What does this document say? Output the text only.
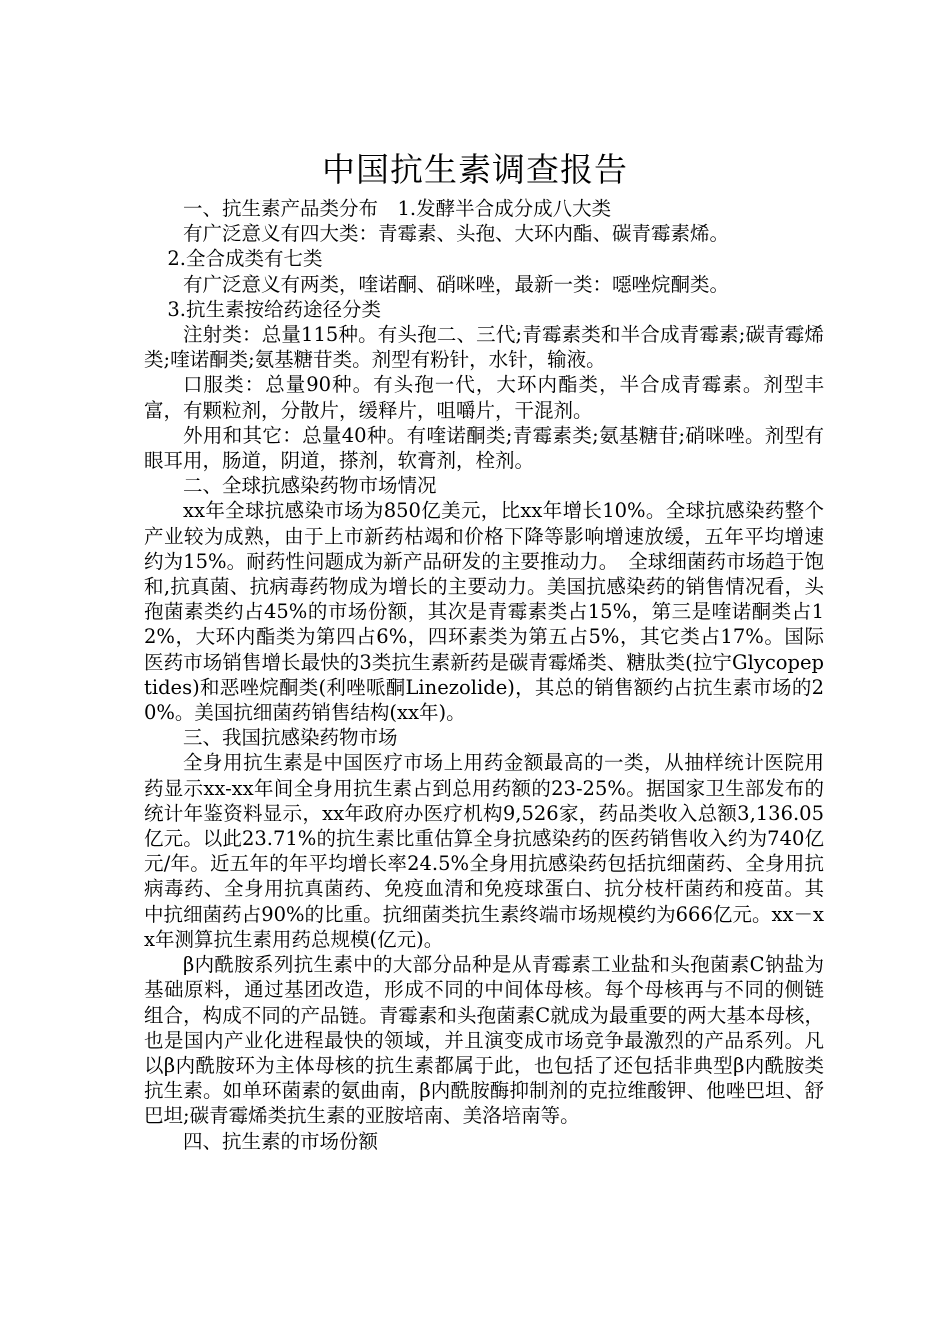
中国抗生素调查报告

一、抗生素产品类分布　1.发酵半合成分成八大类

有广泛意义有四大类：青霉素、头孢、大环内酯、碳青霉素烯。

2.全合成类有七类

有广泛意义有两类，喹诺酮、硝咪唑，最新一类：噁唑烷酮类。

3.抗生素按给药途径分类

注射类：总量115种。有头孢二、三代;青霉素类和半合成青霉素;碳青霉烯类;喹诺酮类;氨基糖苷类。剂型有粉针，水针，输液。

口服类：总量90种。有头孢一代，大环内酯类，半合成青霉素。剂型丰富，有颗粒剂，分散片，缓释片，咀嚼片，干混剂。

外用和其它：总量40种。有喹诺酮类;青霉素类;氨基糖苷;硝咪唑。剂型有眼耳用，肠道，阴道，搽剂，软膏剂，栓剂。

二、全球抗感染药物市场情况

xx年全球抗感染市场为850亿美元，比xx年增长10%。全球抗感染药整个产业较为成熟，由于上市新药枯竭和价格下降等影响增速放缓，五年平均增速约为15%。耐药性问题成为新产品研发的主要推动力。　全球细菌药市场趋于饱和,抗真菌、抗病毒药物成为增长的主要动力。美国抗感染药的销售情况看，头孢菌素类约占45%的市场份额，其次是青霉素类占15%，第三是喹诺酮类占12%，大环内酯类为第四占6%，四环素类为第五占5%，其它类占17%。国际医药市场销售增长最快的3类抗生素新药是碳青霉烯类、糖肽类(拉宁Glycopeptides)和恶唑烷酮类(利唑哌酮Linezolide)，其总的销售额约占抗生素市场的20%。美国抗细菌药销售结构(xx年)。

三、我国抗感染药物市场

全身用抗生素是中国医疗市场上用药金额最高的一类，从抽样统计医院用药显示xx-xx年间全身用抗生素占到总用药额的23-25%。据国家卫生部发布的统计年鉴资料显示，xx年政府办医疗机构9,526家，药品类收入总额3,136.05亿元。以此23.71%的抗生素比重估算全身抗感染药的医药销售收入约为740亿元/年。近五年的年平均增长率24.5%全身用抗感染药包括抗细菌药、全身用抗病毒药、全身用抗真菌药、免疫血清和免疫球蛋白、抗分枝杆菌药和疫苗。其中抗细菌药占90%的比重。抗细菌类抗生素终端市场规模约为666亿元。xx－xx年测算抗生素用药总规模(亿元)。

β内酰胺系列抗生素中的大部分品种是从青霉素工业盐和头孢菌素C钠盐为基础原料，通过基团改造，形成不同的中间体母核。每个母核再与不同的侧链组合，构成不同的产品链。青霉素和头孢菌素C就成为最重要的两大基本母核，也是国内产业化进程最快的领域，并且演变成市场竞争最激烈的产品系列。凡以β内酰胺环为主体母核的抗生素都属于此，也包括了还包括非典型β内酰胺类抗生素。如单环菌素的氨曲南，β内酰胺酶抑制剂的克拉维酸钾、他唑巴坦、舒巴坦;碳青霉烯类抗生素的亚胺培南、美洛培南等。

四、抗生素的市场份额
